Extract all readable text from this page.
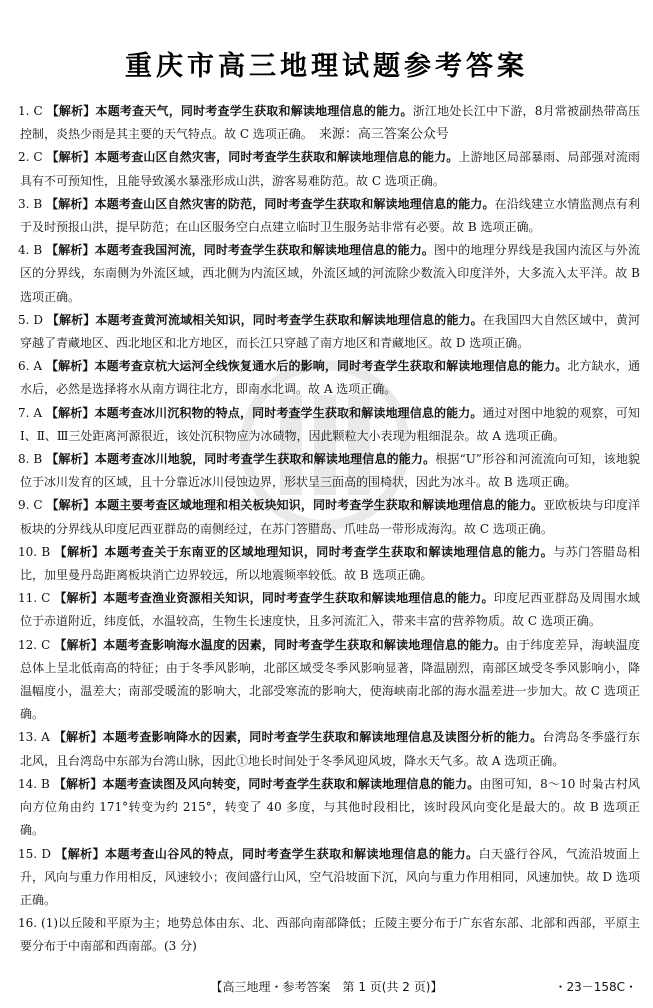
重庆市高三地理试题参考答案

1. C 【解析】本题考查天气，同时考查学生获取和解读地理信息的能力。浙江地处长江中下游，8月常被副热带高压控制，炎热少雨是其主要的天气特点。故 C 选项正确。 来源：高三答案公众号

2. C 【解析】本题考查山区自然灾害，同时考查学生获取和解读地理信息的能力。上游地区局部暴雨、局部强对流雨具有不可预知性，且能导致溪水暴涨形成山洪，游客易难防范。故 C 选项正确。

3. B 【解析】本题考查山区自然灾害的防范，同时考查学生获取和解读地理信息的能力。在沿线建立水情监测点有利于及时预报山洪，提早防范；在山区服务空白点建立临时卫生服务站非常有必要。故 B 选项正确。

4. B 【解析】本题考查我国河流，同时考查学生获取和解读地理信息的能力。图中的地理分界线是我国内流区与外流区的分界线，东南侧为外流区域，西北侧为内流区域，外流区域的河流除少数流入印度洋外，大多流入太平洋。故 B 选项正确。

5. D 【解析】本题考查黄河流域相关知识，同时考查学生获取和解读地理信息的能力。在我国四大自然区域中，黄河穿越了青藏地区、西北地区和北方地区，而长江只穿越了南方地区和青藏地区。故 D 选项正确。

6. A 【解析】本题考查京杭大运河全线恢复通水后的影响，同时考查学生获取和解读地理信息的能力。北方缺水，通水后，必然是选择将水从南方调往北方，即南水北调。故 A 选项正确。

7. A 【解析】本题考查冰川沉积物的特点，同时考查学生获取和解读地理信息的能力。通过对图中地貌的观察，可知Ⅰ、Ⅱ、Ⅲ三处距离河源很近，该处沉积物应为冰碛物，因此颗粒大小表现为粗细混杂。故 A 选项正确。

8. B 【解析】本题考查冰川地貌，同时考查学生获取和解读地理信息的能力。根据“U”形谷和河流流向可知，该地貌位于冰川发育的区域，且十分靠近冰川侵蚀边界，形状呈三面高的围椅状，因此为冰斗。故 B 选项正确。

9. C 【解析】本题主要考查区域地理和相关板块知识，同时考查学生获取和解读地理信息的能力。亚欧板块与印度洋板块的分界线从印度尼西亚群岛的南侧经过，在苏门答腊岛、爪哇岛一带形成海沟。故 C 选项正确。

10. B 【解析】本题考查关于东南亚的区域地理知识，同时考查学生获取和解读地理信息的能力。与苏门答腊岛相比，加里曼丹岛距离板块消亡边界较远，所以地震频率较低。故 B 选项正确。

11. C 【解析】本题考查渔业资源相关知识，同时考查学生获取和解读地理信息的能力。印度尼西亚群岛及周围水域位于赤道附近，纬度低，水温较高，生物生长速度快，且多河流汇入，带来丰富的营养物质。故 C 选项正确。

12. C 【解析】本题考查影响海水温度的因素，同时考查学生获取和解读地理信息的能力。由于纬度差异，海峡温度总体上呈北低南高的特征；由于冬季风影响，北部区域受冬季风影响显著，降温剧烈，南部区域受冬季风影响小，降温幅度小，温差大；南部受暖流的影响大，北部受寒流的影响大，使海峡南北部的海水温差进一步加大。故 C 选项正确。

13. A 【解析】本题考查影响降水的因素，同时考查学生获取和解读地理信息及读图分析的能力。台湾岛冬季盛行东北风，且台湾岛中东部为台湾山脉，因此①地长时间处于冬季风迎风坡，降水天气多。故 A 选项正确。

14. B 【解析】本题考查读图及风向转变，同时考查学生获取和解读地理信息的能力。由图可知，8～10 时枭古村风向方位角由约 171°转变为约 215°，转变了 40 多度，与其他时段相比，该时段风向变化是最大的。故 B 选项正确。

15. D 【解析】本题考查山谷风的特点，同时考查学生获取和解读地理信息的能力。白天盛行谷风，气流沿坡面上升，风向与重力作用相反，风速较小；夜间盛行山风，空气沿坡面下沉，风向与重力作用相同，风速加快。故 D 选项正确。

16. (1)以丘陵和平原为主；地势总体由东、北、西部向南部降低；丘陵主要分布于广东省东部、北部和西部，平原主要分布于中南部和西南部。(3 分)

【高三地理・参考答案　第 1 页(共 2 页)】	・23－158C・
